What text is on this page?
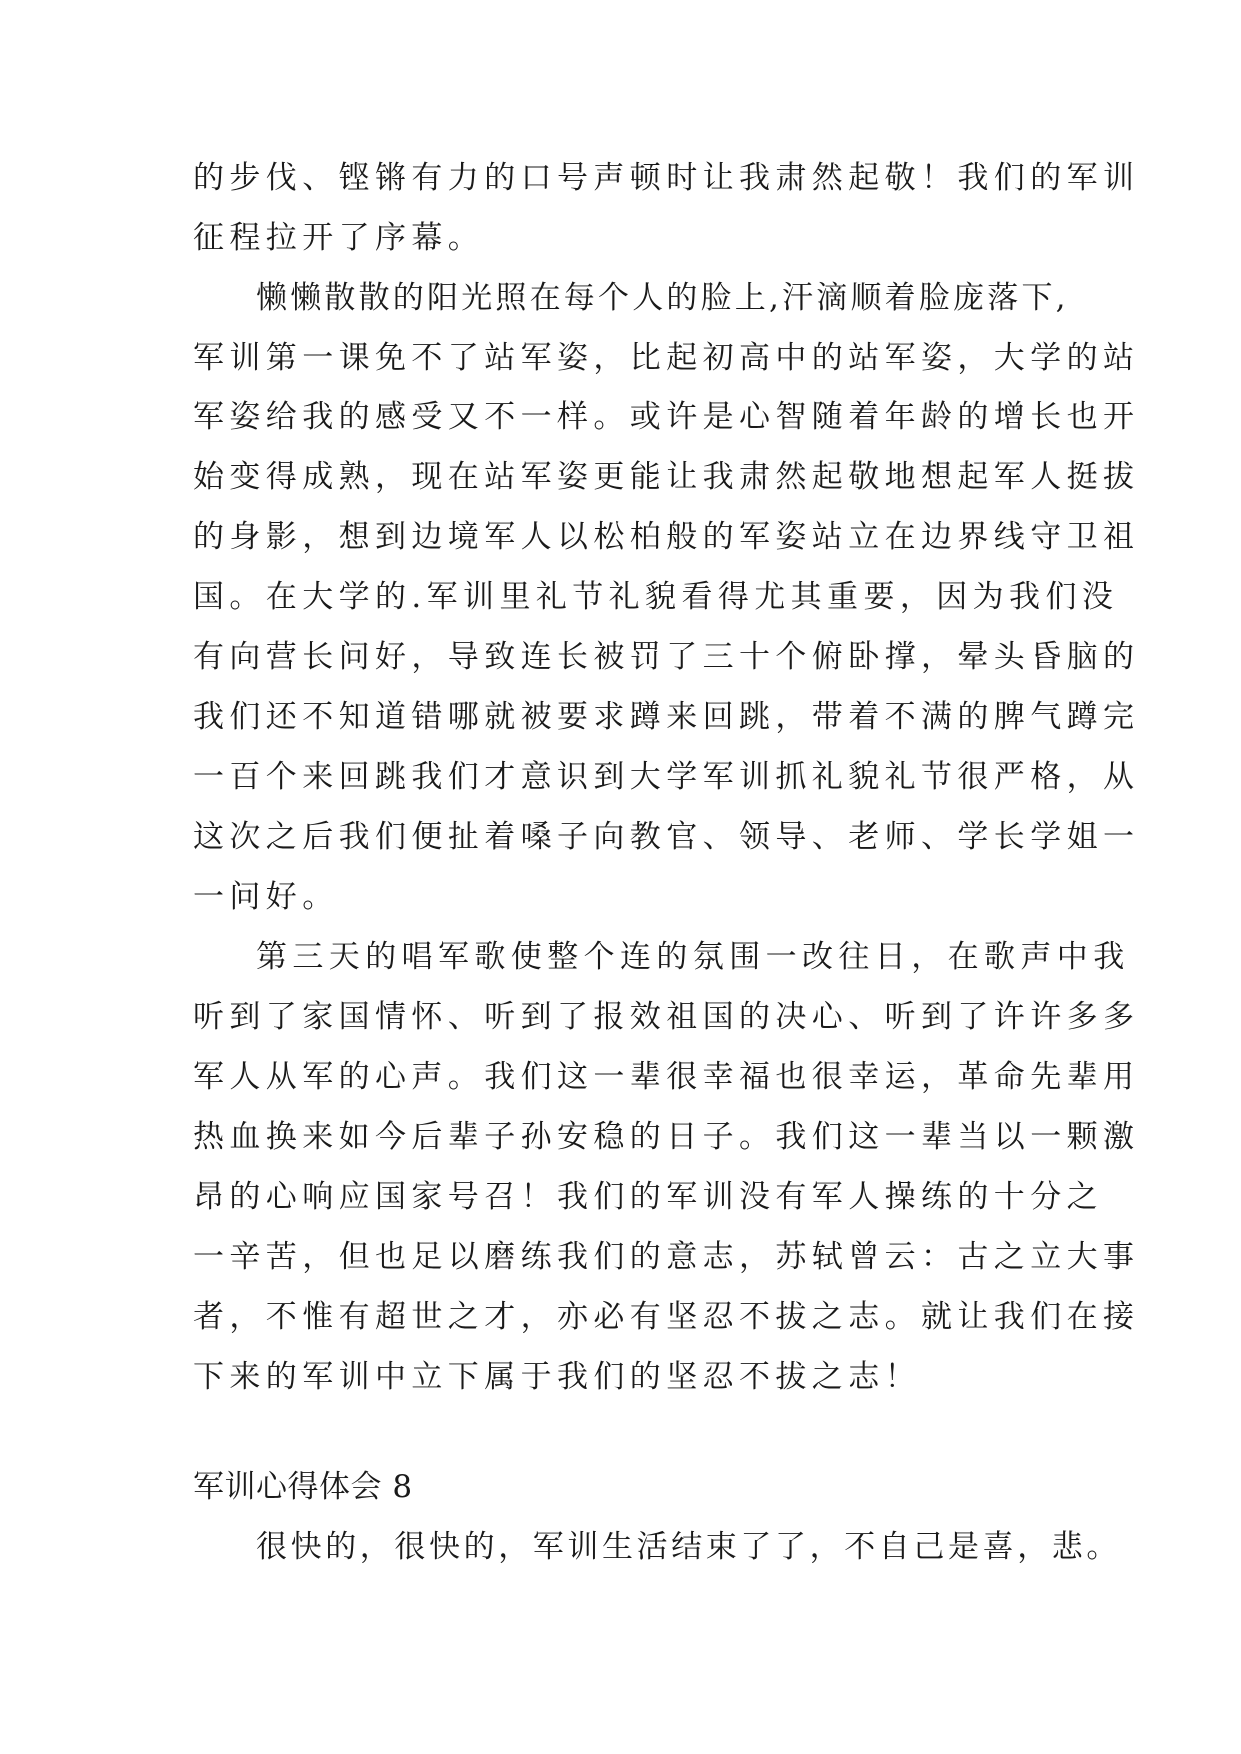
的步伐、铿锵有力的口号声顿时让我肃然起敬！我们的军训
征程拉开了序幕。
懒懒散散的阳光照在每个人的脸上,汗滴顺着脸庞落下,
军训第一课免不了站军姿，比起初高中的站军姿，大学的站
军姿给我的感受又不一样。或许是心智随着年龄的增长也开
始变得成熟，现在站军姿更能让我肃然起敬地想起军人挺拔
的身影，想到边境军人以松柏般的军姿站立在边界线守卫祖
国。在大学的.军训里礼节礼貌看得尤其重要，因为我们没
有向营长问好，导致连长被罚了三十个俯卧撑，晕头昏脑的
我们还不知道错哪就被要求蹲来回跳，带着不满的脾气蹲完
一百个来回跳我们才意识到大学军训抓礼貌礼节很严格，从
这次之后我们便扯着嗓子向教官、领导、老师、学长学姐一
一问好。
第三天的唱军歌使整个连的氛围一改往日，在歌声中我
听到了家国情怀、听到了报效祖国的决心、听到了许许多多
军人从军的心声。我们这一辈很幸福也很幸运，革命先辈用
热血换来如今后辈子孙安稳的日子。我们这一辈当以一颗激
昂的心响应国家号召！我们的军训没有军人操练的十分之
一辛苦，但也足以磨练我们的意志，苏轼曾云：古之立大事
者，不惟有超世之才，亦必有坚忍不拔之志。就让我们在接
下来的军训中立下属于我们的坚忍不拔之志！
军训心得体会 8
很快的，很快的，军训生活结束了了，不自己是喜，悲。
